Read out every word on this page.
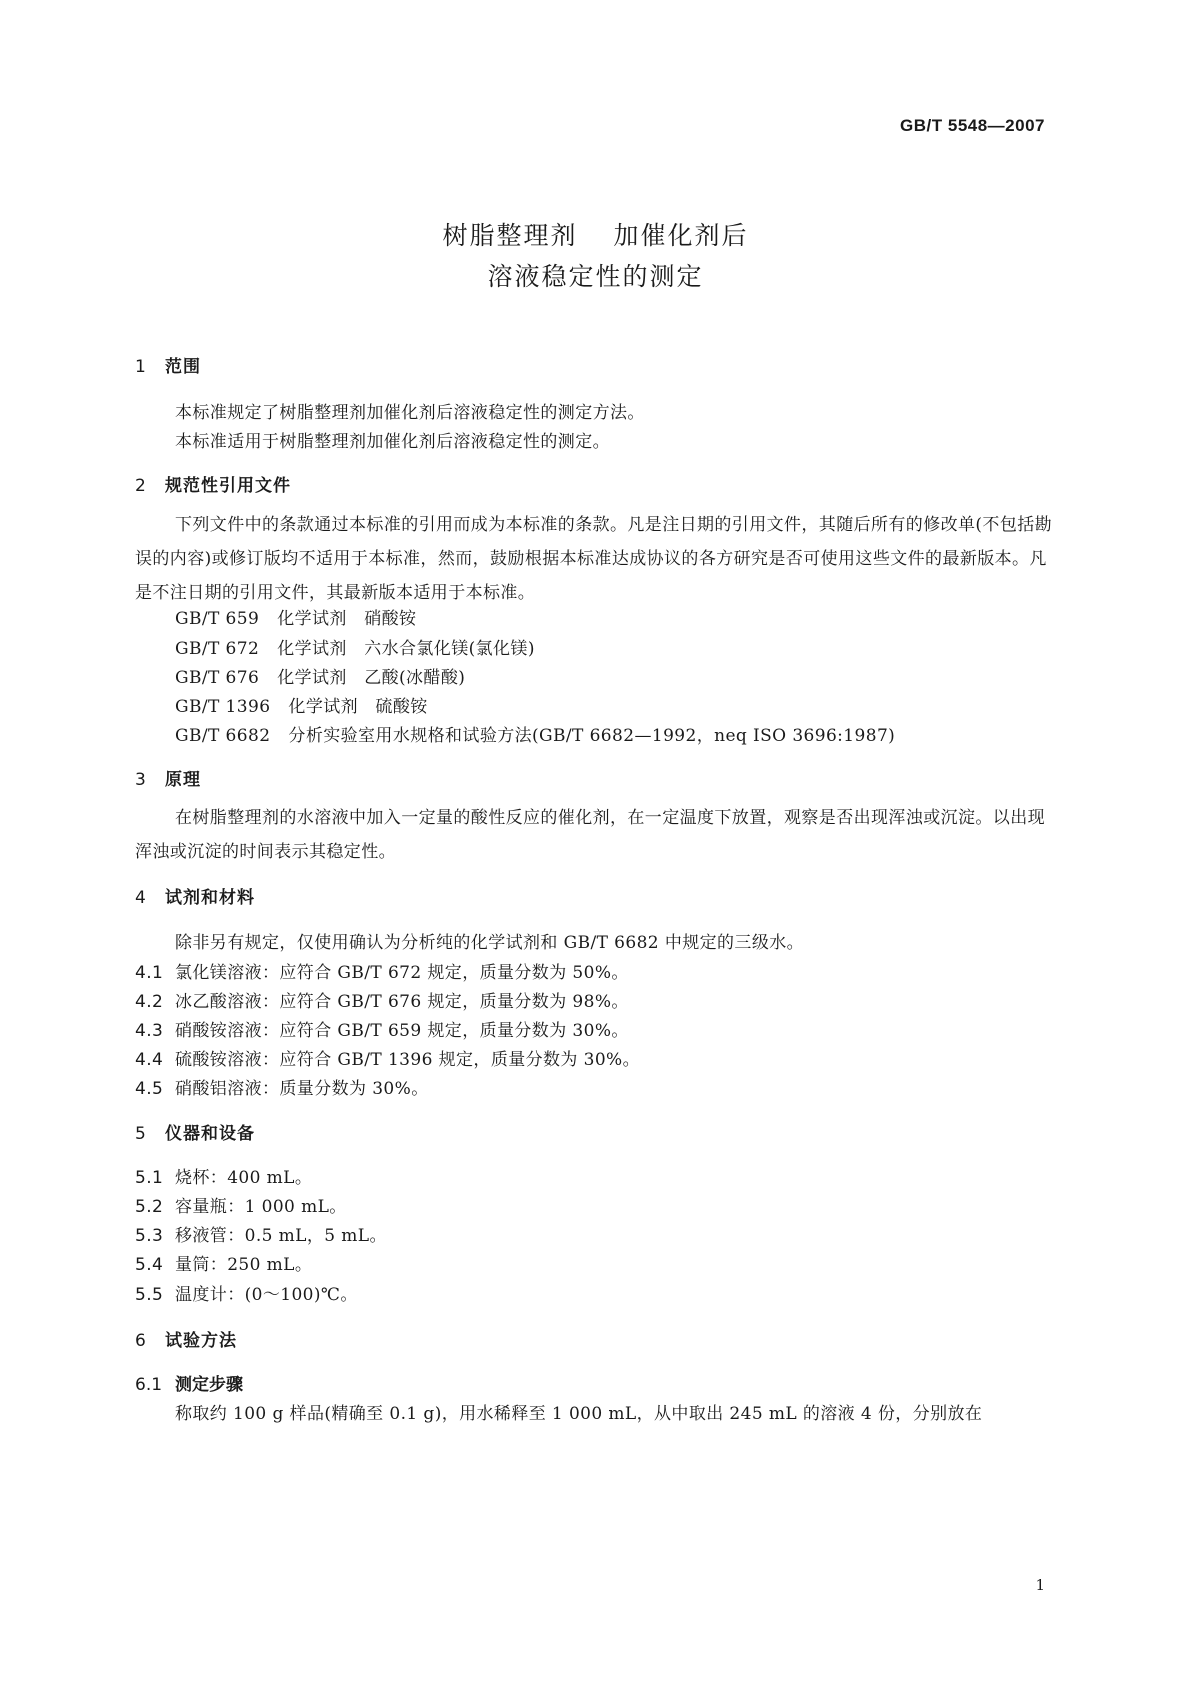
GB/T 5548—2007
树脂整理剂 加催化剂后
溶液稳定性的测定
1 范围
本标准规定了树脂整理剂加催化剂后溶液稳定性的测定方法。
本标准适用于树脂整理剂加催化剂后溶液稳定性的测定。
2 规范性引用文件
下列文件中的条款通过本标准的引用而成为本标准的条款。凡是注日期的引用文件，其随后所有的修改单(不包括勘误的内容)或修订版均不适用于本标准，然而，鼓励根据本标准达成协议的各方研究是否可使用这些文件的最新版本。凡是不注日期的引用文件，其最新版本适用于本标准。
GB/T 659 化学试剂　硝酸铵
GB/T 672 化学试剂　六水合氯化镁(氯化镁)
GB/T 676 化学试剂　乙酸(冰醋酸)
GB/T 1396 化学试剂　硫酸铵
GB/T 6682 分析实验室用水规格和试验方法(GB/T 6682—1992，neq ISO 3696:1987)
3 原理
在树脂整理剂的水溶液中加入一定量的酸性反应的催化剂，在一定温度下放置，观察是否出现浑浊或沉淀。以出现浑浊或沉淀的时间表示其稳定性。
4 试剂和材料
除非另有规定，仅使用确认为分析纯的化学试剂和 GB/T 6682 中规定的三级水。
4.1 氯化镁溶液：应符合 GB/T 672 规定，质量分数为 50%。
4.2 冰乙酸溶液：应符合 GB/T 676 规定，质量分数为 98%。
4.3 硝酸铵溶液：应符合 GB/T 659 规定，质量分数为 30%。
4.4 硫酸铵溶液：应符合 GB/T 1396 规定，质量分数为 30%。
4.5 硝酸铝溶液：质量分数为 30%。
5 仪器和设备
5.1 烧杯：400 mL。
5.2 容量瓶：1 000 mL。
5.3 移液管：0.5 mL，5 mL。
5.4 量筒：250 mL。
5.5 温度计：(0～100)℃。
6 试验方法
6.1 测定步骤
称取约 100 g 样品(精确至 0.1 g)，用水稀释至 1 000 mL，从中取出 245 mL 的溶液 4 份，分别放在
1
